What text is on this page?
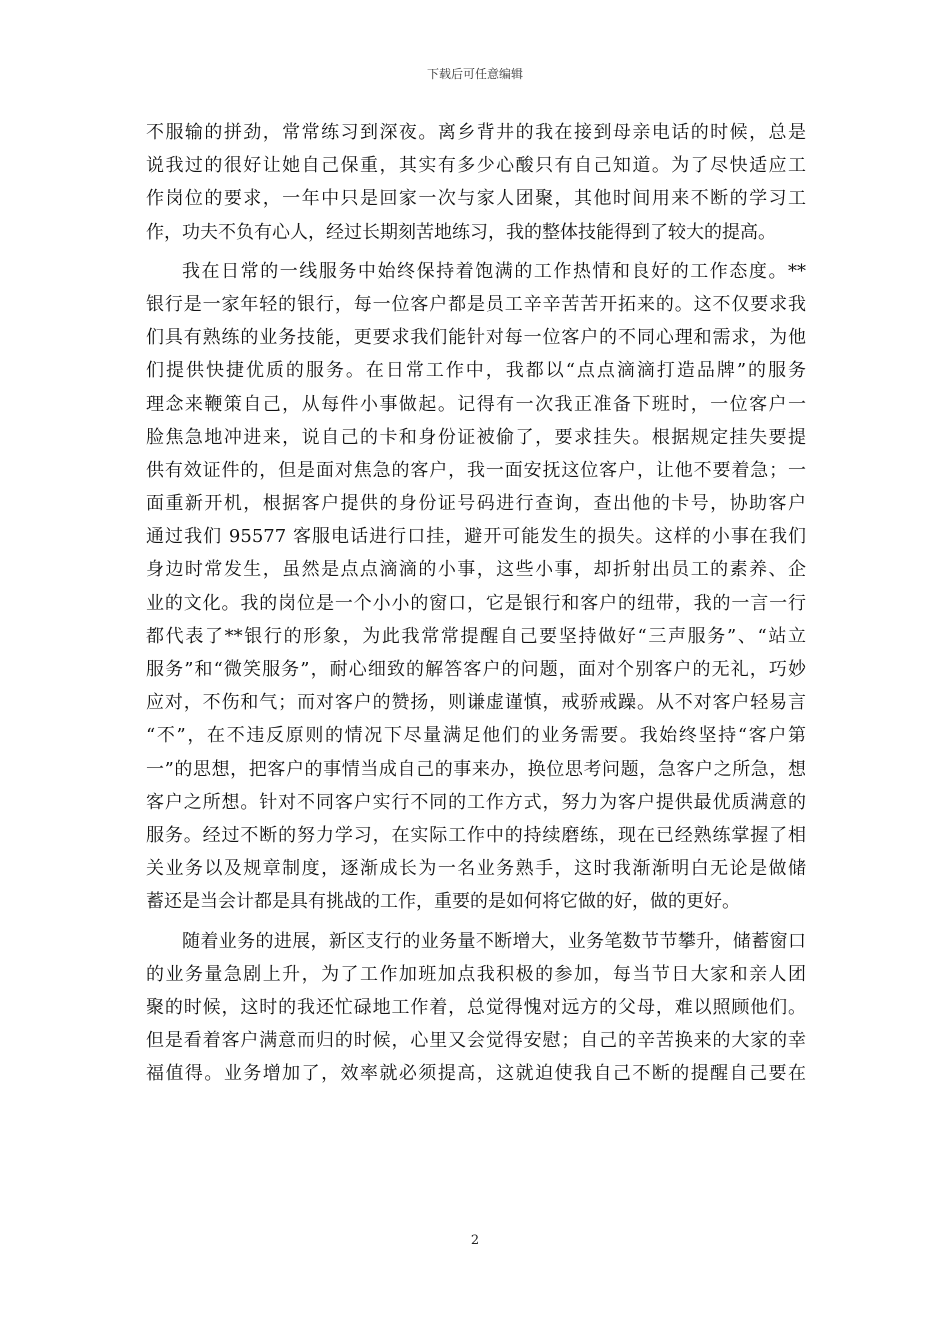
下载后可任意编辑
不服输的拼劲，常常练习到深夜。离乡背井的我在接到母亲电话的时候，总是
说我过的很好让她自己保重，其实有多少心酸只有自己知道。为了尽快适应工
作岗位的要求，一年中只是回家一次与家人团聚，其他时间用来不断的学习工
作，功夫不负有心人，经过长期刻苦地练习，我的整体技能得到了较大的提高。
我在日常的一线服务中始终保持着饱满的工作热情和良好的工作态度。**
银行是一家年轻的银行，每一位客户都是员工辛辛苦苦开拓来的。这不仅要求我
们具有熟练的业务技能，更要求我们能针对每一位客户的不同心理和需求，为他
们提供快捷优质的服务。在日常工作中，我都以“点点滴滴打造品牌”的服务
理念来鞭策自己，从每件小事做起。记得有一次我正准备下班时，一位客户一
脸焦急地冲进来，说自己的卡和身份证被偷了，要求挂失。根据规定挂失要提
供有效证件的，但是面对焦急的客户，我一面安抚这位客户，让他不要着急；一
面重新开机，根据客户提供的身份证号码进行查询，查出他的卡号，协助客户
通过我们 95577 客服电话进行口挂，避开可能发生的损失。这样的小事在我们
身边时常发生，虽然是点点滴滴的小事，这些小事，却折射出员工的素养、企
业的文化。我的岗位是一个小小的窗口，它是银行和客户的纽带，我的一言一行
都代表了**银行的形象，为此我常常提醒自己要坚持做好“三声服务”、“站立
服务”和“微笑服务”，耐心细致的解答客户的问题，面对个别客户的无礼，巧妙
应对，不伤和气；而对客户的赞扬，则谦虚谨慎，戒骄戒躁。从不对客户轻易言
“不”，在不违反原则的情况下尽量满足他们的业务需要。我始终坚持“客户第
一”的思想，把客户的事情当成自己的事来办，换位思考问题，急客户之所急，想
客户之所想。针对不同客户实行不同的工作方式，努力为客户提供最优质满意的
服务。经过不断的努力学习，在实际工作中的持续磨练，现在已经熟练掌握了相
关业务以及规章制度，逐渐成长为一名业务熟手，这时我渐渐明白无论是做储
蓄还是当会计都是具有挑战的工作，重要的是如何将它做的好，做的更好。
随着业务的进展，新区支行的业务量不断增大，业务笔数节节攀升，储蓄窗口
的业务量急剧上升，为了工作加班加点我积极的参加，每当节日大家和亲人团
聚的时候，这时的我还忙碌地工作着，总觉得愧对远方的父母，难以照顾他们。
但是看着客户满意而归的时候，心里又会觉得安慰；自己的辛苦换来的大家的幸
福值得。业务增加了，效率就必须提高，这就迫使我自己不断的提醒自己要在
2
